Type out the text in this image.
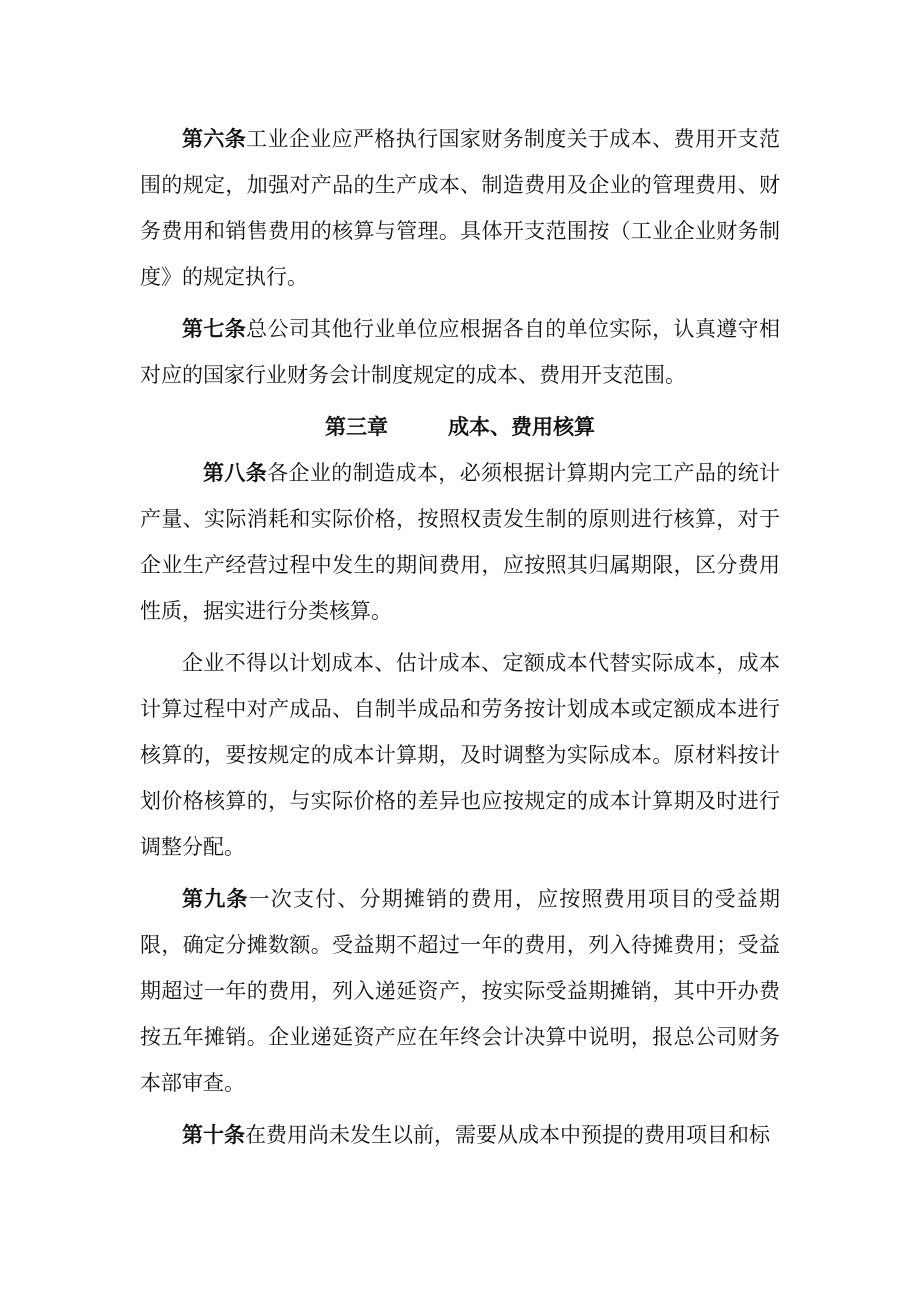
第六条工业企业应严格执行国家财务制度关于成本、费用开支范围的规定，加强对产品的生产成本、制造费用及企业的管理费用、财务费用和销售费用的核算与管理。具体开支范围按（工业企业财务制度》的规定执行。

第七条总公司其他行业单位应根据各自的单位实际，认真遵守相对应的国家行业财务会计制度规定的成本、费用开支范围。

第三章	成本、费用核算

第八条各企业的制造成本，必须根据计算期内完工产品的统计产量、实际消耗和实际价格，按照权责发生制的原则进行核算，对于企业生产经营过程中发生的期间费用，应按照其归属期限，区分费用性质，据实进行分类核算。

企业不得以计划成本、估计成本、定额成本代替实际成本，成本计算过程中对产成品、自制半成品和劳务按计划成本或定额成本进行核算的，要按规定的成本计算期，及时调整为实际成本。原材料按计划价格核算的，与实际价格的差异也应按规定的成本计算期及时进行调整分配。

第九条一次支付、分期摊销的费用，应按照费用项目的受益期限，确定分摊数额。受益期不超过一年的费用，列入待摊费用；受益期超过一年的费用，列入递延资产，按实际受益期摊销，其中开办费按五年摊销。企业递延资产应在年终会计决算中说明，报总公司财务本部审查。

第十条在费用尚未发生以前，需要从成本中预提的费用项目和标
